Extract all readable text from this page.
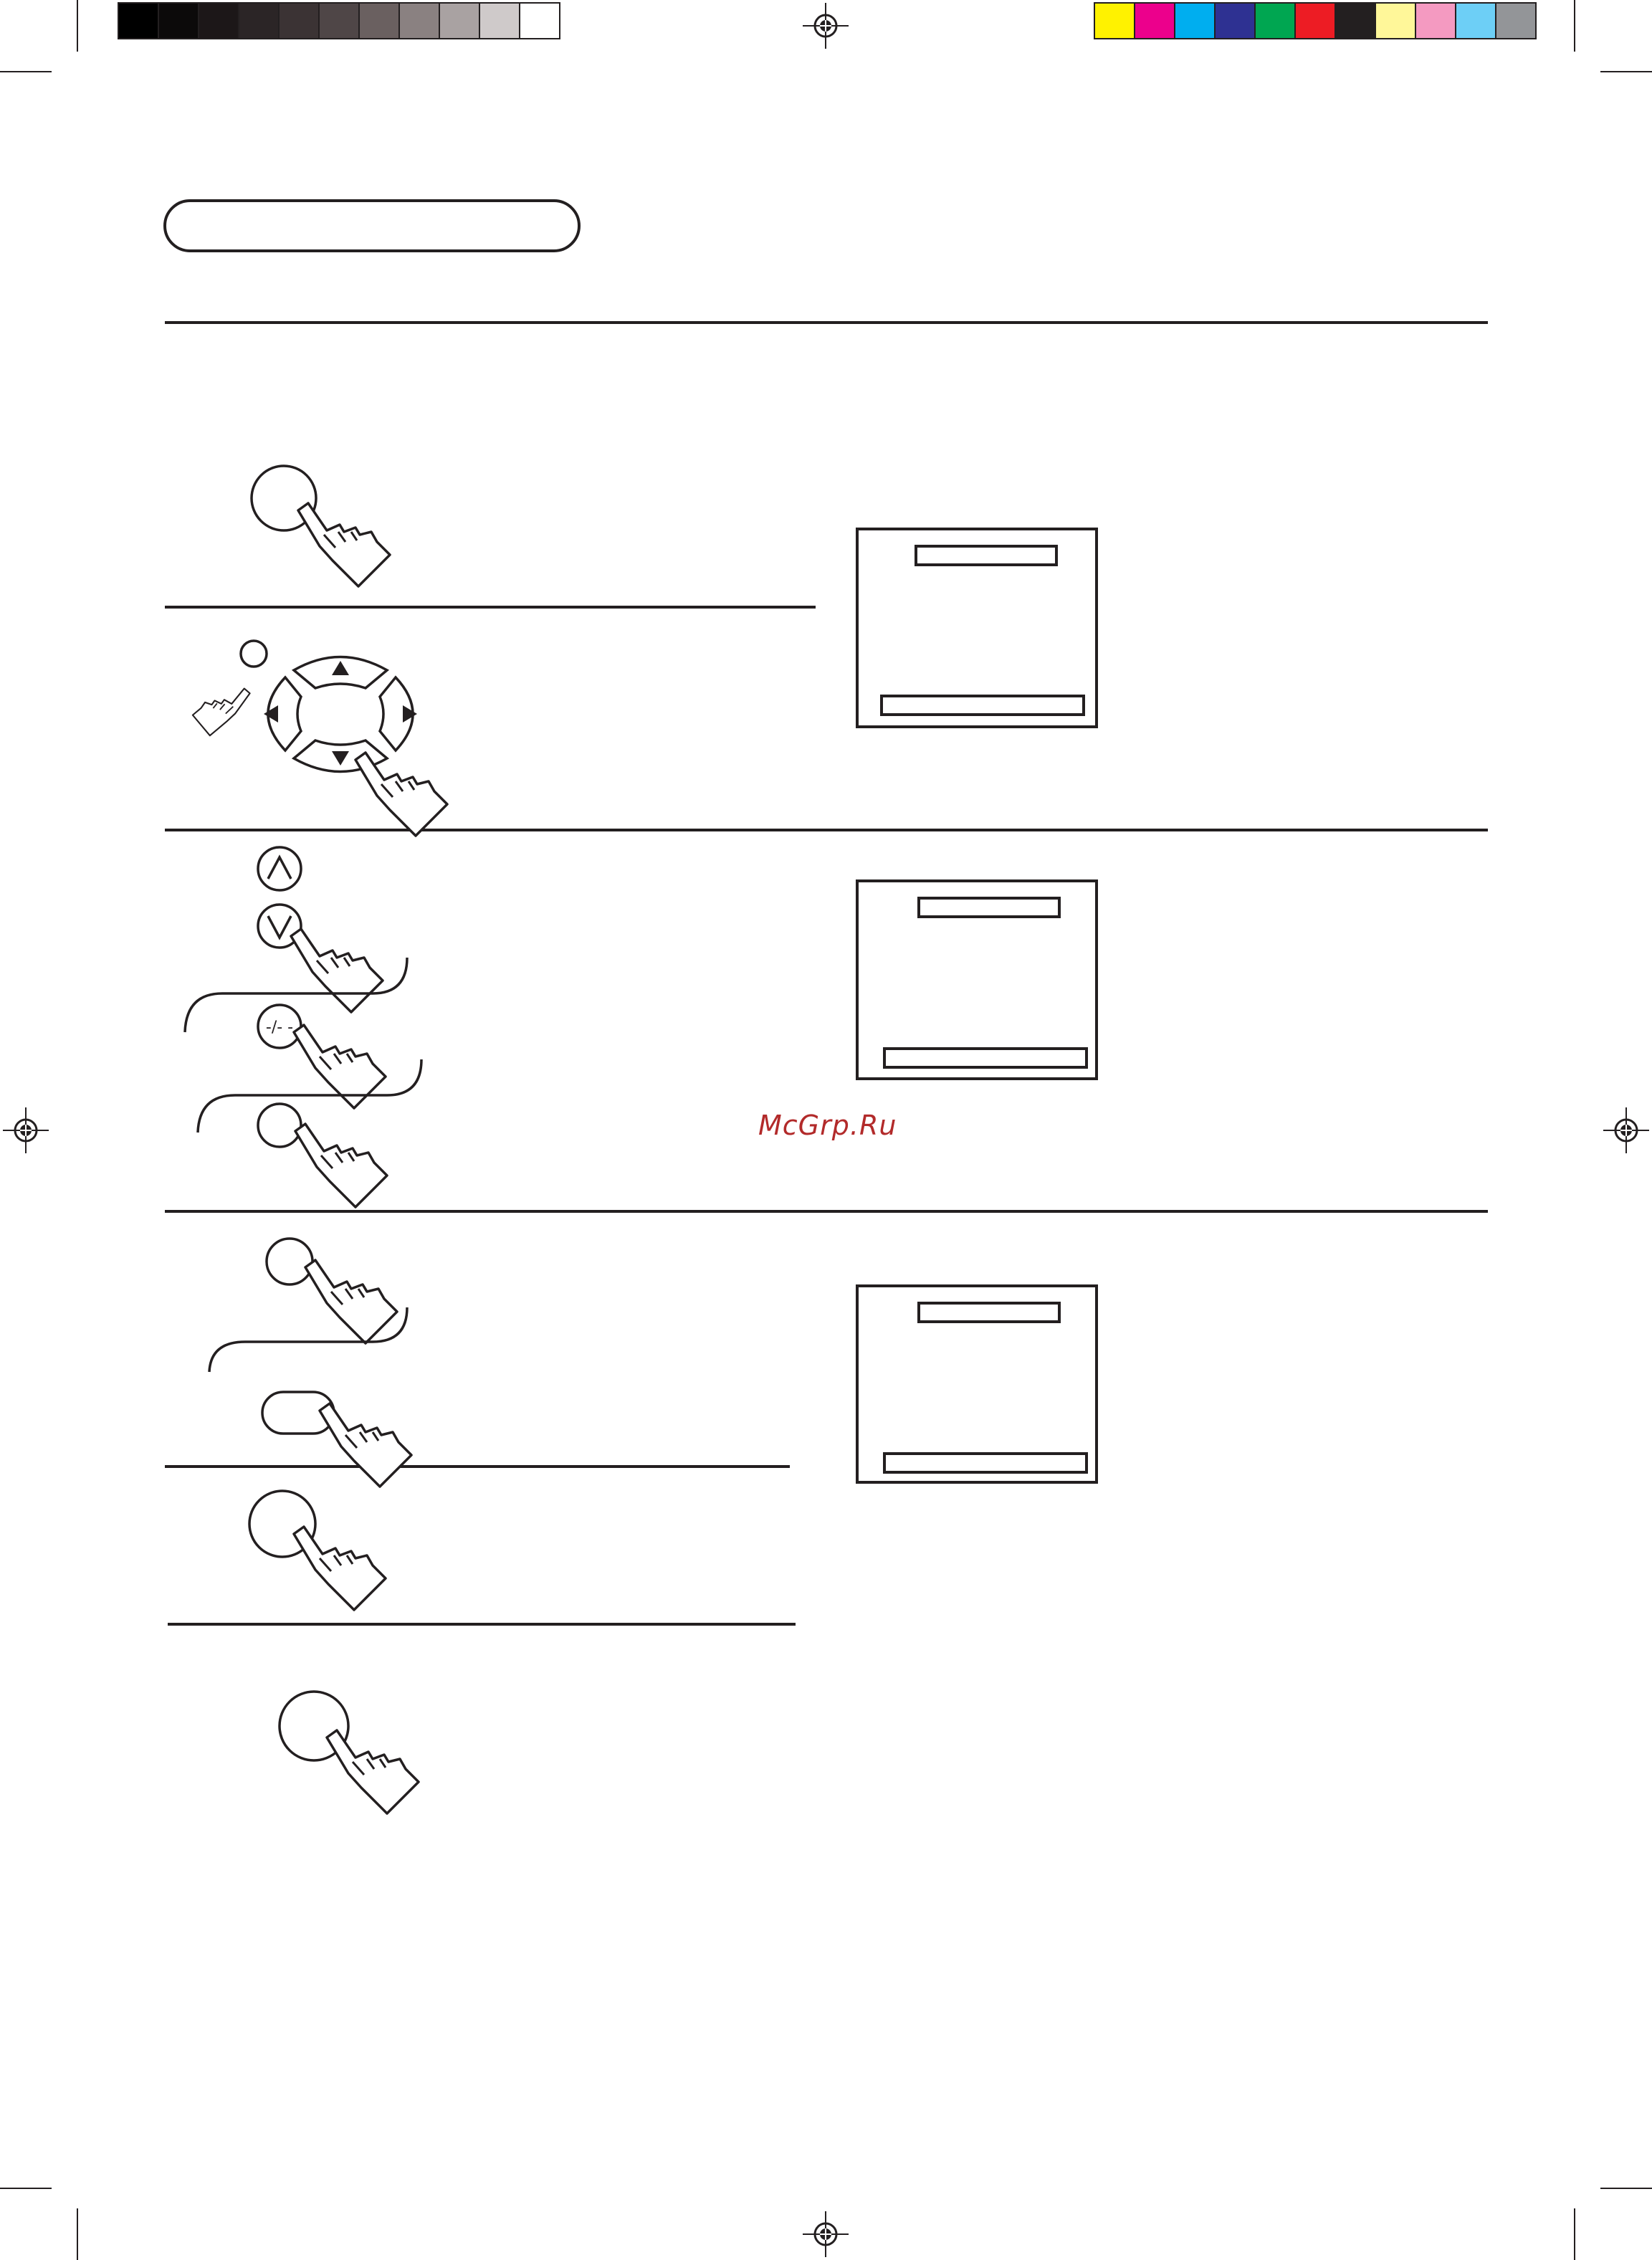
-/- -
McGrp.Ru
